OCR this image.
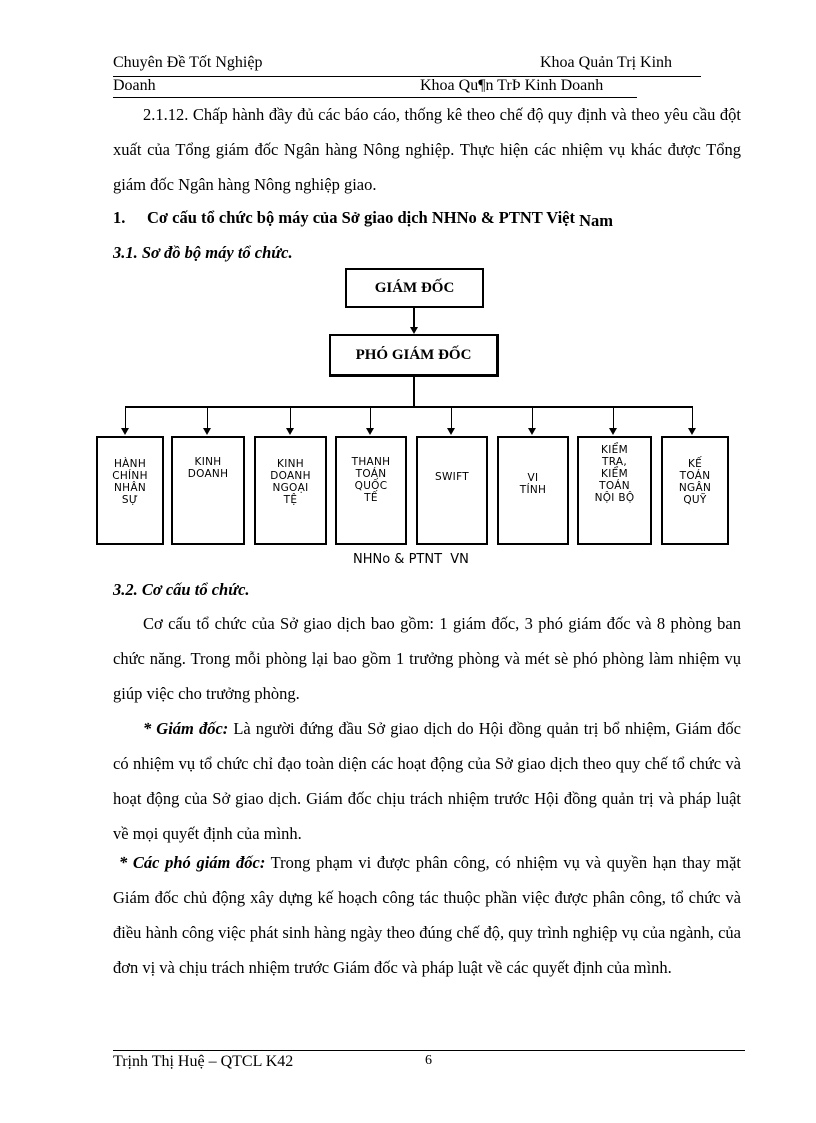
Chuyên Đề Tốt Nghiệp	Khoa Quản Trị Kinh
Doanh	Khoa Qu¶n TrÞ Kinh Doanh
2.1.12. Chấp hành đầy đủ các báo cáo, thống kê theo chế độ quy định và theo yêu cầu đột xuất của Tổng giám đốc Ngân hàng Nông nghiệp. Thực hiện các nhiệm vụ khác được Tổng giám đốc Ngân hàng Nông nghiệp giao.
1. Cơ cấu tổ chức bộ máy của Sở giao dịch NHNo & PTNT Việt Nam
3.1. Sơ đồ bộ máy tổ chức.
GIÁM ĐỐC
PHÓ GIÁM ĐỐC
HÀNH
CHÍNH
NHÂN
SỰ
KINH
DOANH
KINH
DOANH
NGOẠI
TỆ
THANH
TOÁN
QUỐC
TẾ
SWIFT	VI
TÍNH
KIỂM
TRA,
KIỂM
TOÁN
NỘI BỘ
KẾ
TOÁN
NGÂN
QUỸ
NHNo & PTNT  VN
3.2. Cơ cấu tổ chức.
Cơ cấu tổ chức của Sở giao dịch bao gồm: 1 giám đốc, 3 phó giám đốc và 8 phòng ban chức năng. Trong mỗi phòng lại bao gồm 1 trưởng phòng và mét sè phó phòng làm nhiệm vụ giúp việc cho trưởng phòng.
* Giám đốc: Là người đứng đầu Sở giao dịch do Hội đồng quản trị bổ nhiệm, Giám đốc có nhiệm vụ tổ chức chỉ đạo toàn diện các hoạt động của Sở giao dịch theo quy chế tổ chức và hoạt động của Sở giao dịch. Giám đốc chịu trách nhiệm trước Hội đồng quản trị và pháp luật về mọi quyết định của mình.
* Các phó giám đốc: Trong phạm vi được phân công, có nhiệm vụ và quyền hạn thay mặt Giám đốc chủ động xây dựng kế hoạch công tác thuộc phần việc được phân công, tổ chức và điều hành công việc phát sinh hàng ngày theo đúng chế độ, quy trình nghiệp vụ của ngành, của đơn vị và chịu trách nhiệm trước Giám đốc và pháp luật về các quyết định của mình.
Trịnh Thị Huệ – QTCL K42	6
